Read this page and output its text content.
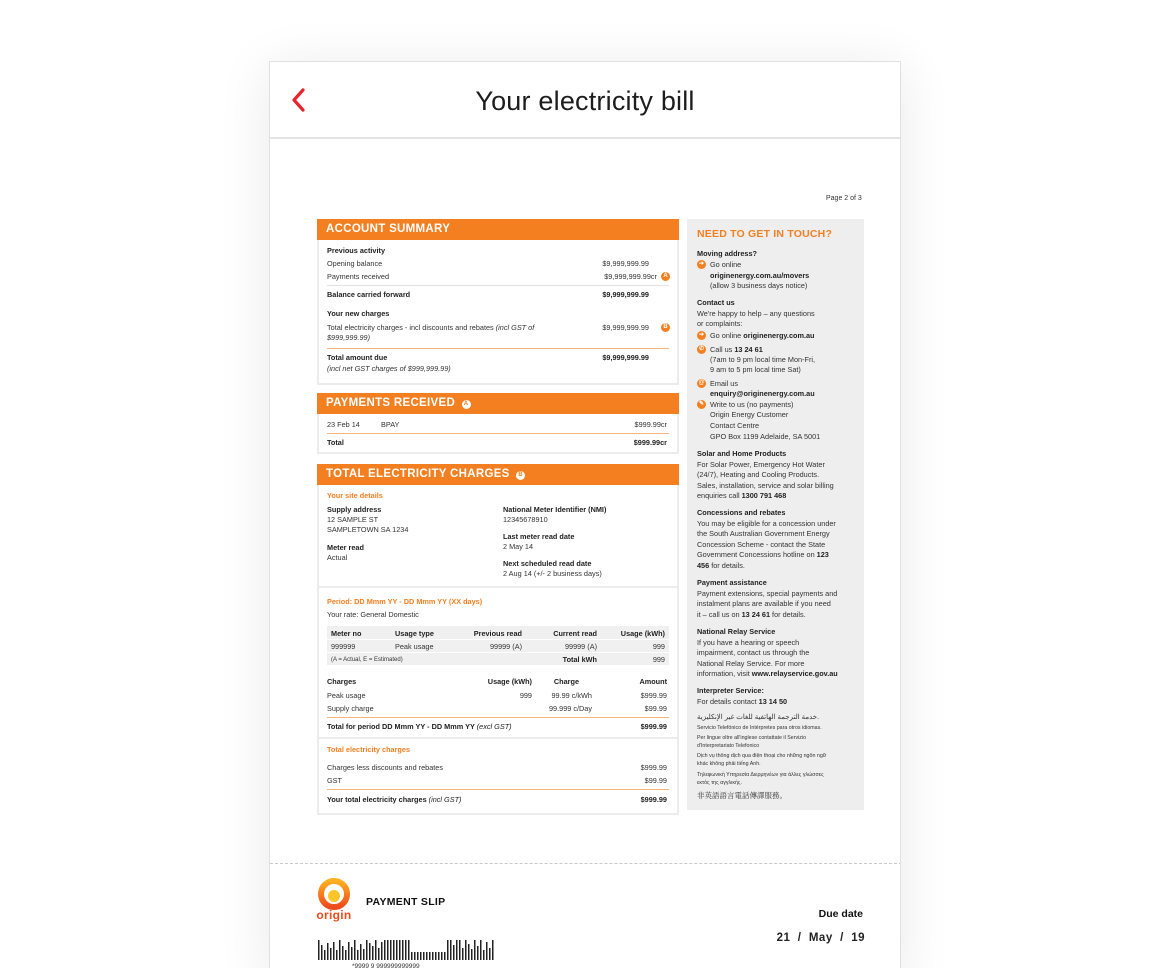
Your electricity bill
Page 2 of 3
ACCOUNT SUMMARY
Previous activity
Opening balance	$9,999,999.99
Payments received	$9,999,999.99cr	A
Balance carried forward	$9,999,999.99
Your new charges
Total electricity charges - incl discounts and rebates (incl GST of
$999,999.99)
$9,999,999.99	B
Total amount due	$9,999,999.99
(incl net GST charges of $999,999.99)
PAYMENTS RECEIVED A
23 Feb 14	BPAY	$999.99cr
Total	$999.99cr
TOTAL ELECTRICITY CHARGES B
Your site details
Supply address
12 SAMPLE ST
SAMPLETOWN SA 1234
Meter read
Actual
National Meter Identifier (NMI)
12345678910
Last meter read date
2 May 14
Next scheduled read date
2 Aug 14 (+/- 2 business days)
Period: DD Mmm YY - DD Mmm YY (XX days)
Your rate: General Domestic
Meter no	Usage type	Previous read	Current read	Usage (kWh)
999999	Peak usage	99999 (A)	99999 (A)	999
(A = Actual, E = Estimated)	Total kWh	999
Charges	Usage (kWh)	Charge	Amount
Peak usage	999	99.99 c/kWh	$999.99
Supply charge	99.999 c/Day	$99.99
Total for period DD Mmm YY - DD Mmm YY (excl GST)	$999.99
Total electricity charges
Charges less discounts and rebates	$999.99
GST	$99.99
Your total electricity charges (incl GST)	$999.99
NEED TO GET IN TOUCH?
Moving address?
➔ Go online
originenergy.com.au/movers
(allow 3 business days notice)
Contact us
We're happy to help – any questions
or complaints:
➔ Go online originenergy.com.au
✆ Call us 13 24 61
(7am to 9 pm local time Mon-Fri,
9 am to 5 pm local time Sat)
@ Email us
enquiry@originenergy.com.au
✎ Write to us (no payments)
Origin Energy Customer
Contact Centre
GPO Box 1199 Adelaide, SA 5001
Solar and Home Products
For Solar Power, Emergency Hot Water
(24/7), Heating and Cooling Products.
Sales, installation, service and solar billing
enquiries call 1300 791 468
Concessions and rebates
You may be eligible for a concession under
the South Australian Government Energy
Concession Scheme - contact the State
Government Concessions hotline on 123
456 for details.
Payment assistance
Payment extensions, special payments and
instalment plans are available if you need
it – call us on 13 24 61 for details.
National Relay Service
If you have a hearing or speech
impairment, contact us through the
National Relay Service. For more
information, visit www.relayservice.gov.au
Interpreter Service:
For details contact 13 14 50
خدمة الترجمة الهاتفية للغات غير الإنكليزية.
Servicio Telefónico de Intérpretes para otros idiomas.
Per lingue oltre all'inglese contattate il Servizio
d'Interpretariato Telefonico
Dịch vụ thông dịch qua điện thoại cho những ngôn ngữ
khác không phải tiếng Anh.
Τηλεφωνική Υπηρεσία Διερμηνέων για άλλες γλώσσες
εκτός της αγγλικής.
非英語語言電話傳譯服務。
origin
PAYMENT SLIP
Due date
21 / May / 19
*9999 9 999999999999
